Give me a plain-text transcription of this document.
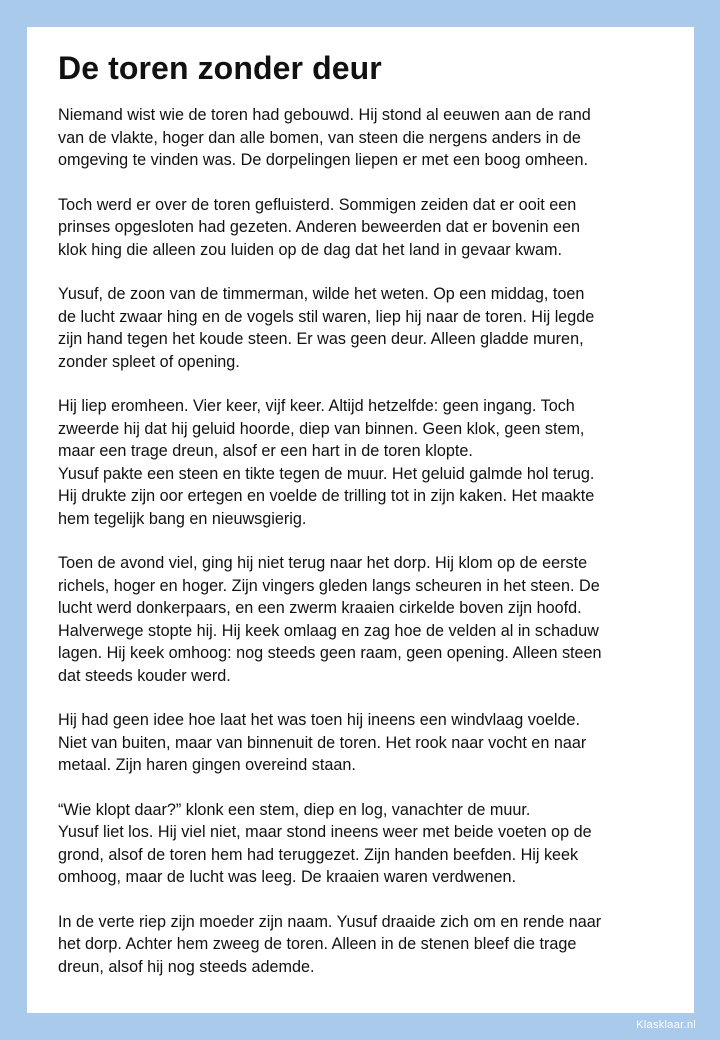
De toren zonder deur

Niemand wist wie de toren had gebouwd. Hij stond al eeuwen aan de rand
van de vlakte, hoger dan alle bomen, van steen die nergens anders in de
omgeving te vinden was. De dorpelingen liepen er met een boog omheen.

Toch werd er over de toren gefluisterd. Sommigen zeiden dat er ooit een
prinses opgesloten had gezeten. Anderen beweerden dat er bovenin een
klok hing die alleen zou luiden op de dag dat het land in gevaar kwam.

Yusuf, de zoon van de timmerman, wilde het weten. Op een middag, toen
de lucht zwaar hing en de vogels stil waren, liep hij naar de toren. Hij legde
zijn hand tegen het koude steen. Er was geen deur. Alleen gladde muren,
zonder spleet of opening.

Hij liep eromheen. Vier keer, vijf keer. Altijd hetzelfde: geen ingang. Toch
zweerde hij dat hij geluid hoorde, diep van binnen. Geen klok, geen stem,
maar een trage dreun, alsof er een hart in de toren klopte.

Yusuf pakte een steen en tikte tegen de muur. Het geluid galmde hol terug.
Hij drukte zijn oor ertegen en voelde de trilling tot in zijn kaken. Het maakte
hem tegelijk bang en nieuwsgierig.

Toen de avond viel, ging hij niet terug naar het dorp. Hij klom op de eerste
richels, hoger en hoger. Zijn vingers gleden langs scheuren in het steen. De
lucht werd donkerpaars, en een zwerm kraaien cirkelde boven zijn hoofd.
Halverwege stopte hij. Hij keek omlaag en zag hoe de velden al in schaduw
lagen. Hij keek omhoog: nog steeds geen raam, geen opening. Alleen steen
dat steeds kouder werd.

Hij had geen idee hoe laat het was toen hij ineens een windvlaag voelde.
Niet van buiten, maar van binnenuit de toren. Het rook naar vocht en naar
metaal. Zijn haren gingen overeind staan.

“Wie klopt daar?” klonk een stem, diep en log, vanachter de muur.

Yusuf liet los. Hij viel niet, maar stond ineens weer met beide voeten op de
grond, alsof de toren hem had teruggezet. Zijn handen beefden. Hij keek
omhoog, maar de lucht was leeg. De kraaien waren verdwenen.

In de verte riep zijn moeder zijn naam. Yusuf draaide zich om en rende naar
het dorp. Achter hem zweeg de toren. Alleen in de stenen bleef die trage
dreun, alsof hij nog steeds ademde.

Klasklaar.nl
